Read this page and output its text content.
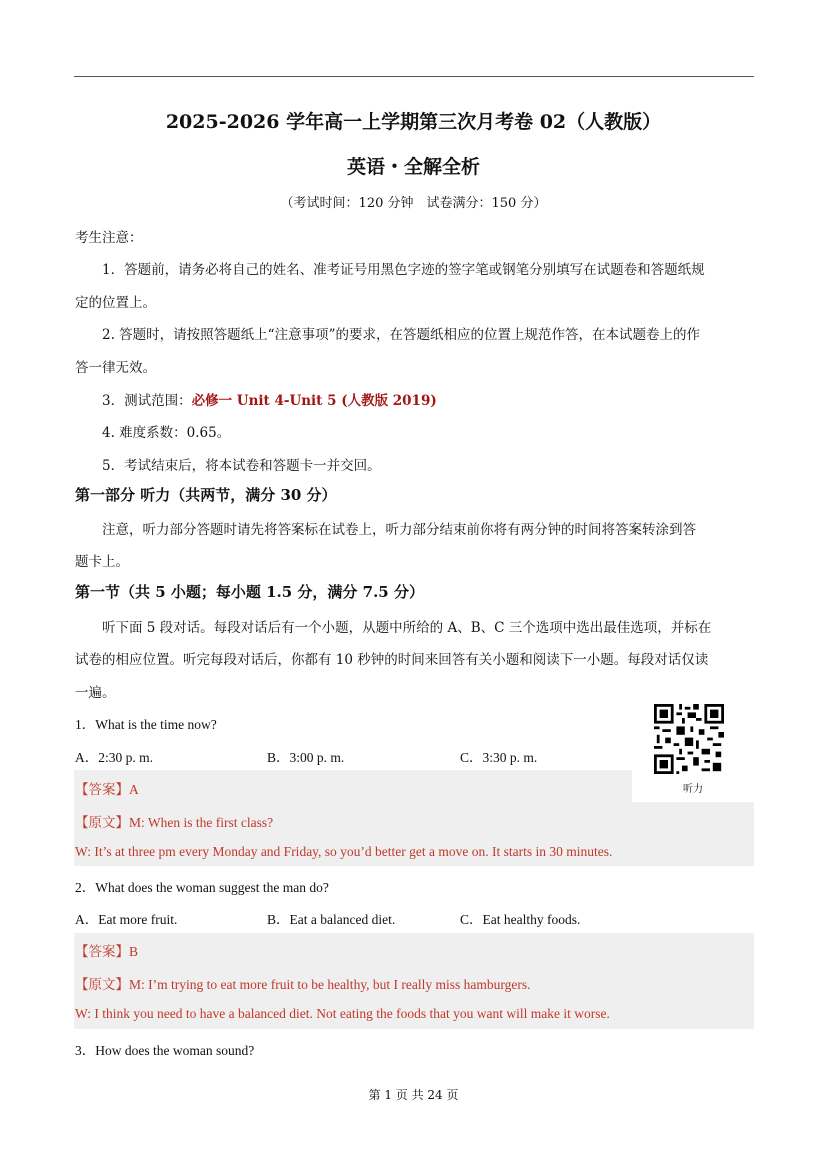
2025-2026 学年高一上学期第三次月考卷 02（人教版）
英语・全解全析
（考试时间：120 分钟　试卷满分：150 分）
考生注意：
1．答题前，请务必将自己的姓名、准考证号用黑色字迹的签字笔或钢笔分别填写在试题卷和答题纸规
定的位置上。
2. 答题时，请按照答题纸上“注意事项”的要求，在答题纸相应的位置上规范作答，在本试题卷上的作
答一律无效。
3．测试范围：必修一 Unit 4-Unit 5 (人教版 2019)
4. 难度系数：0.65。
5．考试结束后，将本试卷和答题卡一并交回。
第一部分 听力（共两节，满分 30 分）
注意，听力部分答题时请先将答案标在试卷上，听力部分结束前你将有两分钟的时间将答案转涂到答
题卡上。
第一节（共 5 小题；每小题 1.5 分，满分 7.5 分）
听下面 5 段对话。每段对话后有一个小题，从题中所给的 A、B、C 三个选项中选出最佳选项，并标在
试卷的相应位置。听完每段对话后，你都有 10 秒钟的时间来回答有关小题和阅读下一小题。每段对话仅读
一遍。
1．What is the time now?
A．2:30 p. m.	B．3:00 p. m.	C．3:30 p. m.
【答案】A
【原文】M: When is the first class?
W: It’s at three pm every Monday and Friday, so you’d better get a move on. It starts in 30 minutes.
听力
2．What does the woman suggest the man do?
A．Eat more fruit.	B．Eat a balanced diet.	C．Eat healthy foods.
【答案】B
【原文】M: I’m trying to eat more fruit to be healthy, but I really miss hamburgers.
W: I think you need to have a balanced diet. Not eating the foods that you want will make it worse.
3．How does the woman sound?
第 1 页 共 24 页
